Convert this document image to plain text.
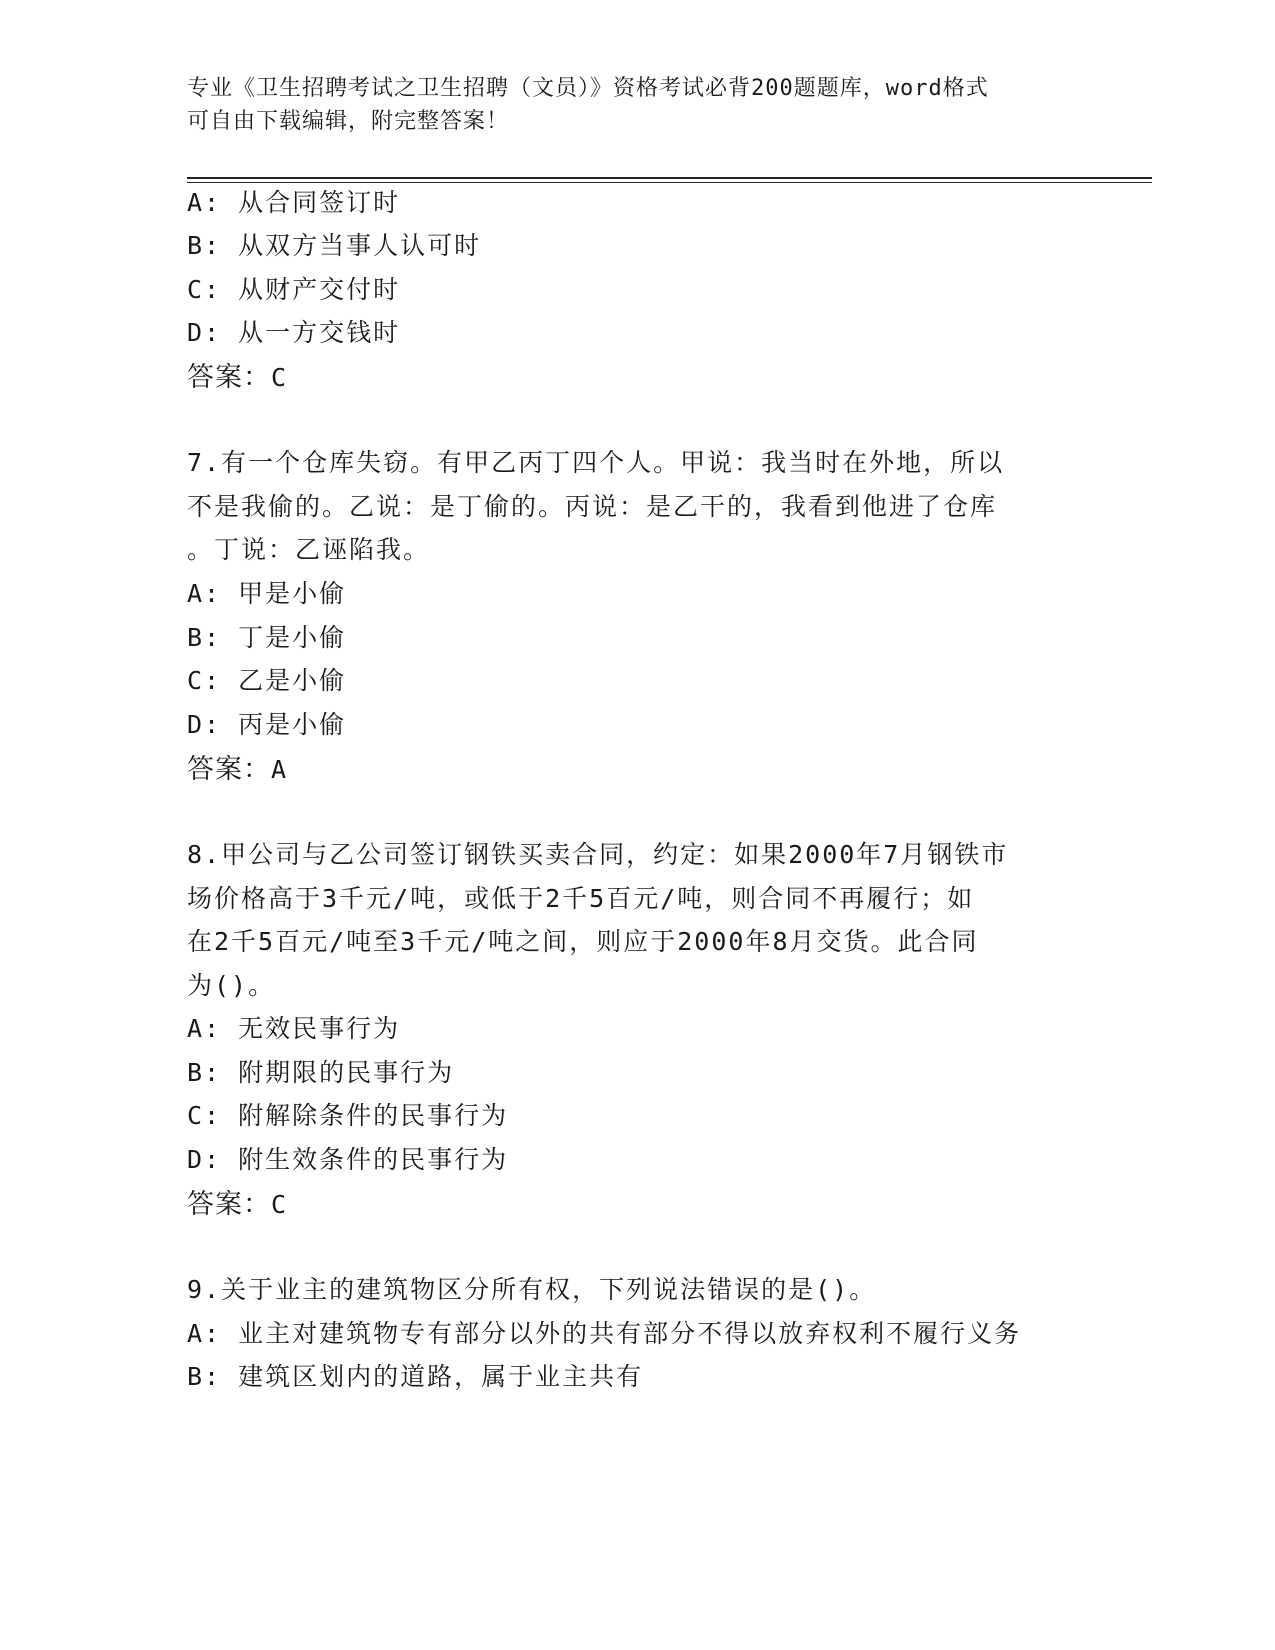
专业《卫生招聘考试之卫生招聘（文员）》资格考试必背200题题库，word格式
可自由下载编辑，附完整答案！
A: 从合同签订时
B: 从双方当事人认可时
C: 从财产交付时
D: 从一方交钱时
答案：C
7.有一个仓库失窃。有甲乙丙丁四个人。甲说：我当时在外地，所以
不是我偷的。乙说：是丁偷的。丙说：是乙干的，我看到他进了仓库
。丁说：乙诬陷我。
A: 甲是小偷
B: 丁是小偷
C: 乙是小偷
D: 丙是小偷
答案：A
8.甲公司与乙公司签订钢铁买卖合同，约定：如果2000年7月钢铁市
场价格高于3千元/吨，或低于2千5百元/吨，则合同不再履行；如
在2千5百元/吨至3千元/吨之间，则应于2000年8月交货。此合同
为()。
A: 无效民事行为
B: 附期限的民事行为
C: 附解除条件的民事行为
D: 附生效条件的民事行为
答案：C
9.关于业主的建筑物区分所有权，下列说法错误的是()。
A: 业主对建筑物专有部分以外的共有部分不得以放弃权利不履行义务
B: 建筑区划内的道路，属于业主共有
